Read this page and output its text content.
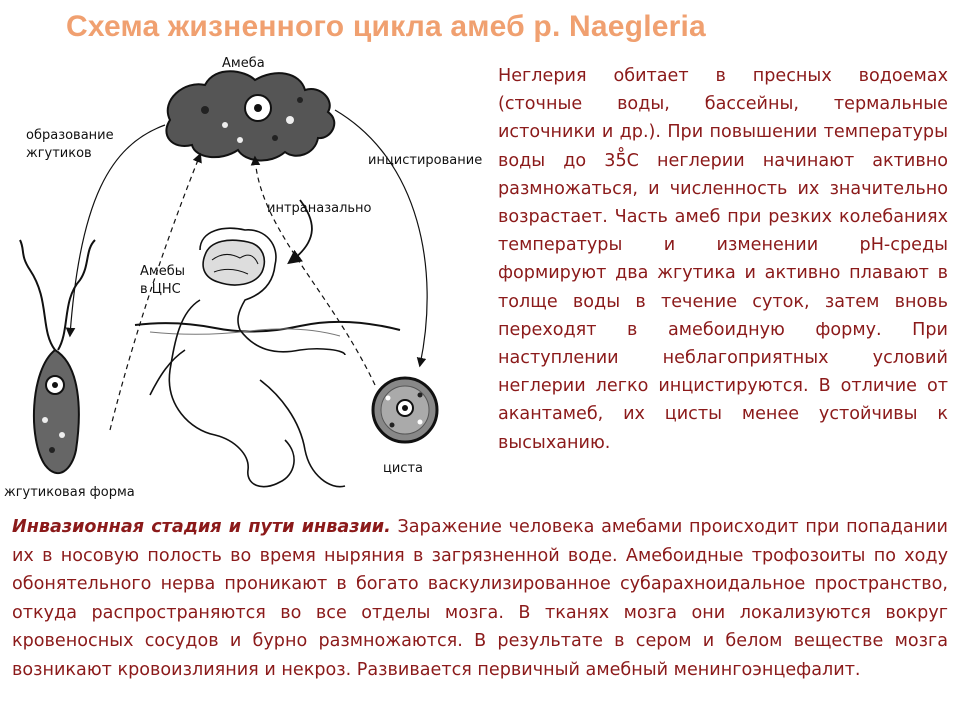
Схема жизненного цикла амеб р. Naegleria
Амеба
образование
жгутиков	инцистирование
интраназально
Амебы
в ЦНС
циста
жгутиковая форма
Неглерия обитает в пресных водоемах (сточные воды, бассейны, термальные источники и др.). При повышении температуры воды до 35̊С неглерии начинают активно размножаться, и численность их значительно возрастает. Часть амеб при резких колебаниях температуры и изменении рН-среды формируют два жгутика и активно плавают в толще воды в течение суток, затем вновь переходят в амебоидную форму. При наступлении неблагоприятных условий неглерии легко инцистируются. В отличие от акантамеб, их цисты менее устойчивы к высыханию.
Инвазионная стадия и пути инвазии. Заражение человека амебами происходит при попадании их в носовую полость во время ныряния в загрязненной воде. Амебоидные трофозоиты по ходу обонятельного нерва проникают в богато васкулизированное субарахноидальное пространство, откуда распространяются во все отделы мозга. В тканях мозга они локализуются вокруг кровеносных сосудов и бурно размножаются. В результате в сером и белом веществе мозга возникают кровоизлияния и некроз. Развивается первичный амебный менингоэнцефалит.
